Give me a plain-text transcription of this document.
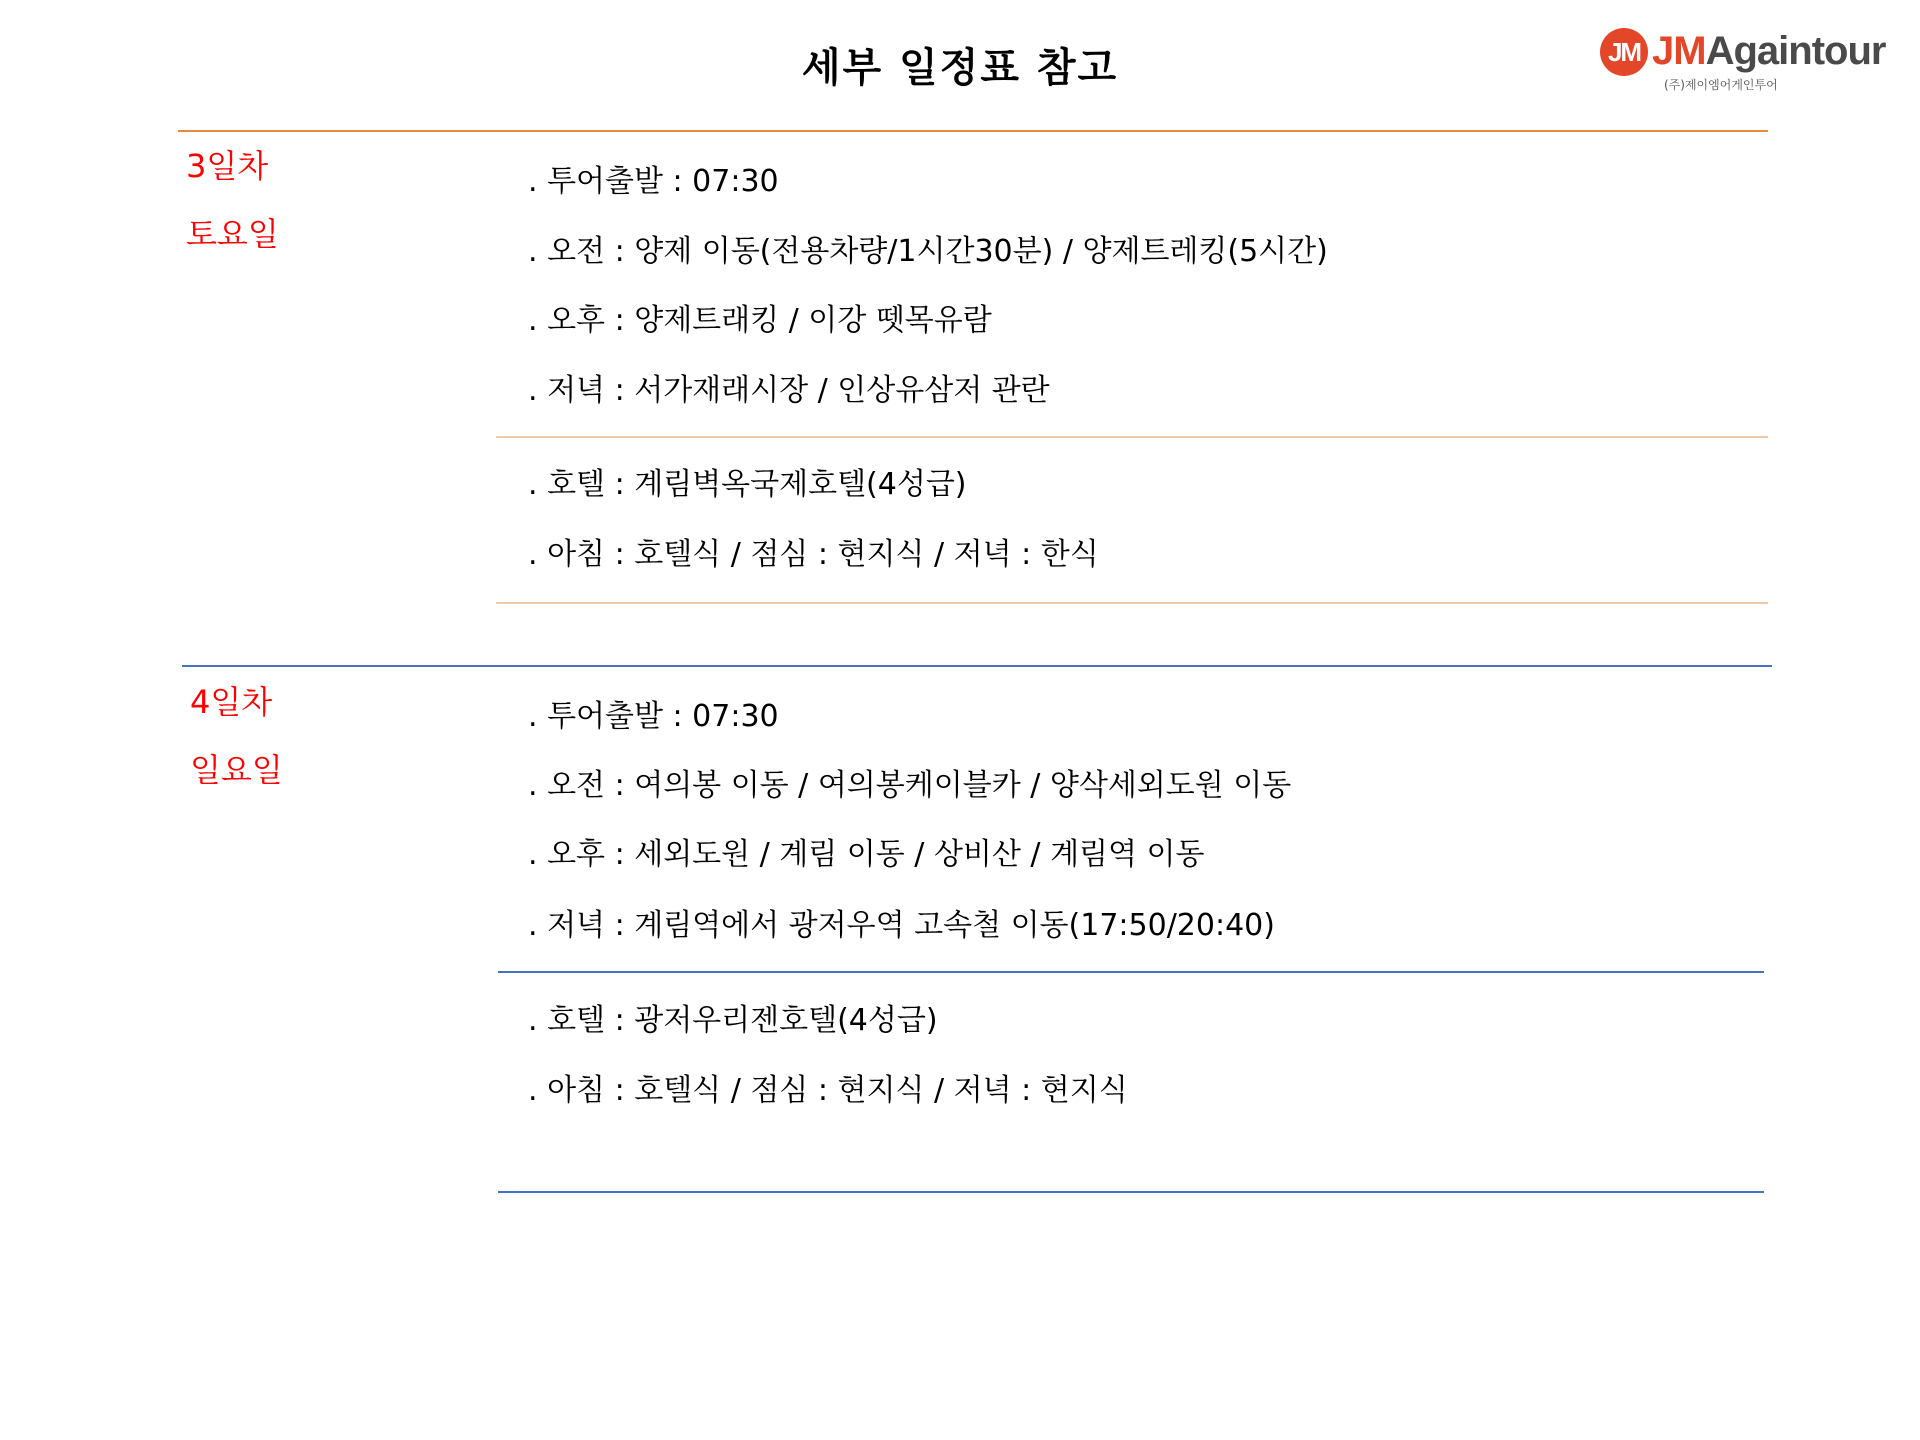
세부 일정표 참고	JM JMAgaintour
(주)제이엠어게인투어
3일차
토요일
. 투어출발 : 07:30
. 오전 : 양제 이동(전용차량/1시간30분) / 양제트레킹(5시간)
. 오후 : 양제트래킹 / 이강 뗏목유람
. 저녁 : 서가재래시장 / 인상유삼저 관란
. 호텔 : 계림벽옥국제호텔(4성급)
. 아침 : 호텔식 / 점심 : 현지식 / 저녁 : 한식
4일차
일요일
. 투어출발 : 07:30
. 오전 : 여의봉 이동 / 여의봉케이블카 / 양삭세외도원 이동
. 오후 : 세외도원 / 계림 이동 / 상비산 / 계림역 이동
. 저녁 : 계림역에서 광저우역 고속철 이동(17:50/20:40)
. 호텔 : 광저우리젠호텔(4성급)
. 아침 : 호텔식 / 점심 : 현지식 / 저녁 : 현지식
